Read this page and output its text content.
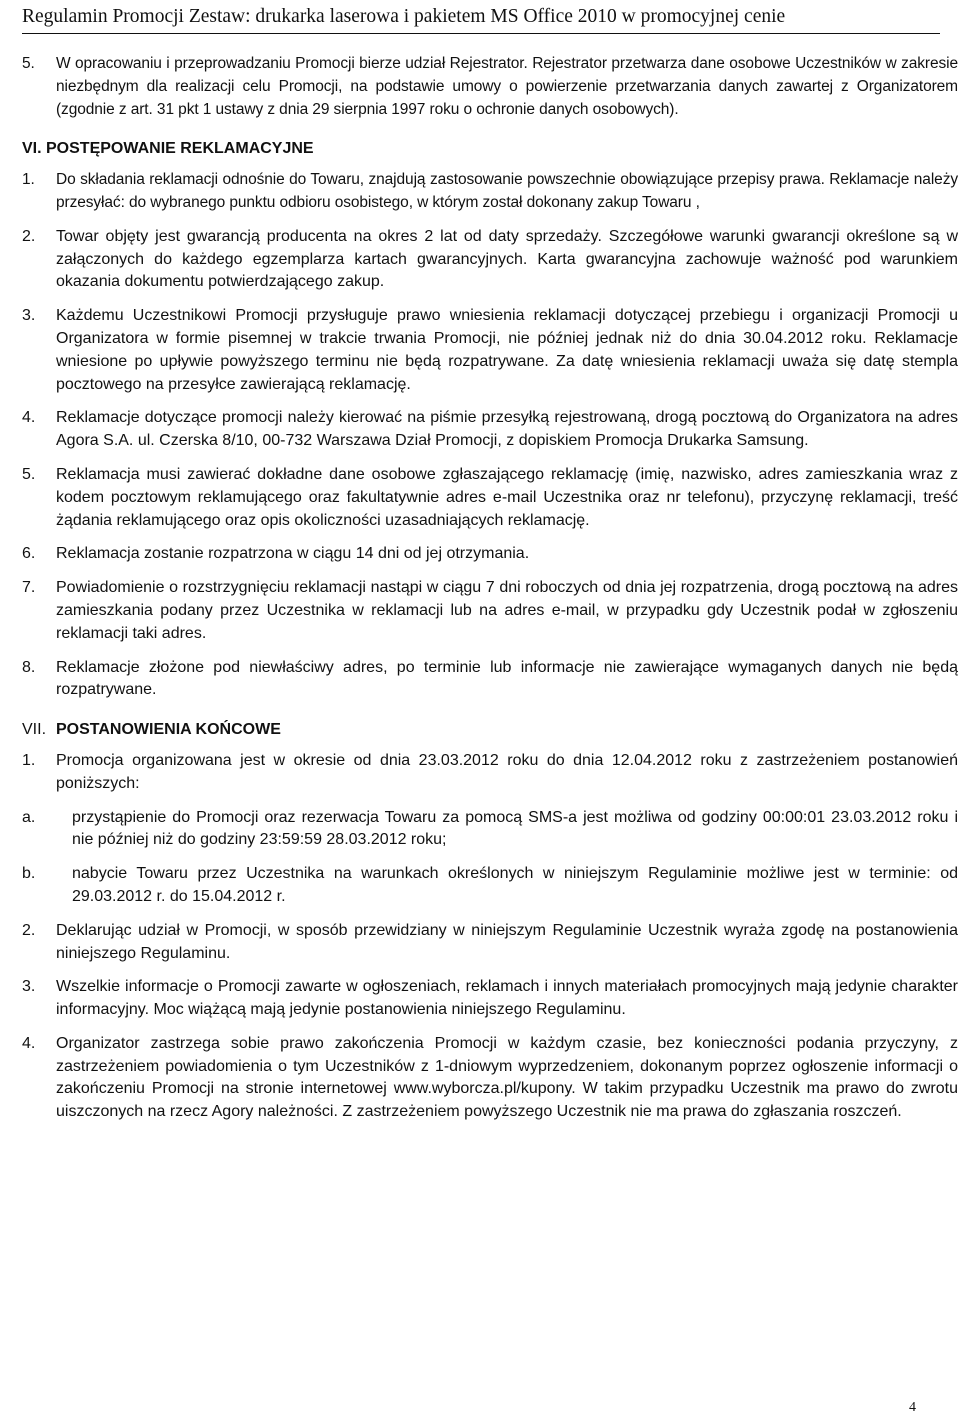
Regulamin Promocji Zestaw: drukarka laserowa i pakietem MS Office 2010 w promocyjnej cenie
5.	W opracowaniu i przeprowadzaniu Promocji bierze udział Rejestrator. Rejestrator przetwarza dane osobowe Uczestników w zakresie niezbędnym dla realizacji celu Promocji, na podstawie umowy o powierzenie przetwarzania danych zawartej z Organizatorem (zgodnie z art. 31 pkt 1 ustawy z dnia 29 sierpnia 1997 roku o ochronie danych osobowych).
VI. POSTĘPOWANIE REKLAMACYJNE
1.	Do składania reklamacji odnośnie do Towaru, znajdują zastosowanie powszechnie obowiązujące przepisy prawa. Reklamacje należy przesyłać: do wybranego punktu odbioru osobistego, w którym został dokonany zakup Towaru ,
2.	Towar objęty jest gwarancją producenta na okres 2 lat od daty sprzedaży. Szczegółowe warunki gwarancji określone są w załączonych do każdego egzemplarza kartach gwarancyjnych. Karta gwarancyjna zachowuje ważność pod warunkiem okazania dokumentu potwierdzającego zakup.
3.	Każdemu Uczestnikowi Promocji przysługuje prawo wniesienia reklamacji dotyczącej przebiegu i organizacji Promocji u Organizatora w formie pisemnej w trakcie trwania Promocji, nie później jednak niż do dnia 30.04.2012 roku. Reklamacje wniesione po upływie powyższego terminu nie będą rozpatrywane. Za datę wniesienia reklamacji uważa się datę stempla pocztowego na przesyłce zawierającą reklamację.
4.	Reklamacje dotyczące promocji należy kierować na piśmie przesyłką rejestrowaną, drogą pocztową do Organizatora na adres Agora S.A. ul. Czerska 8/10, 00-732 Warszawa Dział Promocji, z dopiskiem Promocja Drukarka Samsung.
5.	Reklamacja musi zawierać dokładne dane osobowe zgłaszającego reklamację (imię, nazwisko, adres zamieszkania wraz z kodem pocztowym reklamującego oraz fakultatywnie adres e-mail Uczestnika oraz nr telefonu), przyczynę reklamacji, treść żądania reklamującego oraz opis okoliczności uzasadniających reklamację.
6.	Reklamacja zostanie rozpatrzona w ciągu 14 dni od jej otrzymania.
7.	Powiadomienie o rozstrzygnięciu reklamacji nastąpi w ciągu 7 dni roboczych od dnia jej rozpatrzenia, drogą pocztową na adres zamieszkania podany przez Uczestnika w reklamacji lub na adres e-mail, w przypadku gdy Uczestnik podał w zgłoszeniu reklamacji taki adres.
8.	Reklamacje złożone pod niewłaściwy adres, po terminie lub informacje nie zawierające wymaganych danych nie będą rozpatrywane.
VII. POSTANOWIENIA KOŃCOWE
1.	Promocja organizowana jest w okresie od dnia 23.03.2012 roku do dnia 12.04.2012 roku z zastrzeżeniem postanowień poniższych:
a.	przystąpienie do Promocji oraz rezerwacja Towaru za pomocą SMS-a jest możliwa od godziny 00:00:01 23.03.2012 roku i nie później niż do godziny 23:59:59 28.03.2012 roku;
b.	nabycie Towaru przez Uczestnika na warunkach określonych w niniejszym Regulaminie możliwe jest w terminie: od 29.03.2012 r. do 15.04.2012 r.
2.	Deklarując udział w Promocji, w sposób przewidziany w niniejszym Regulaminie Uczestnik wyraża zgodę na postanowienia niniejszego Regulaminu.
3.	Wszelkie informacje o Promocji zawarte w ogłoszeniach, reklamach i innych materiałach promocyjnych mają jedynie charakter informacyjny. Moc wiążącą mają jedynie postanowienia niniejszego Regulaminu.
4.	Organizator zastrzega sobie prawo zakończenia Promocji w każdym czasie, bez konieczności podania przyczyny, z zastrzeżeniem powiadomienia o tym Uczestników z 1-dniowym wyprzedzeniem, dokonanym poprzez ogłoszenie informacji o zakończeniu Promocji na stronie internetowej www.wyborcza.pl/kupony. W takim przypadku Uczestnik ma prawo do zwrotu uiszczonych na rzecz Agory należności. Z zastrzeżeniem powyższego Uczestnik nie ma prawa do zgłaszania roszczeń.
4
